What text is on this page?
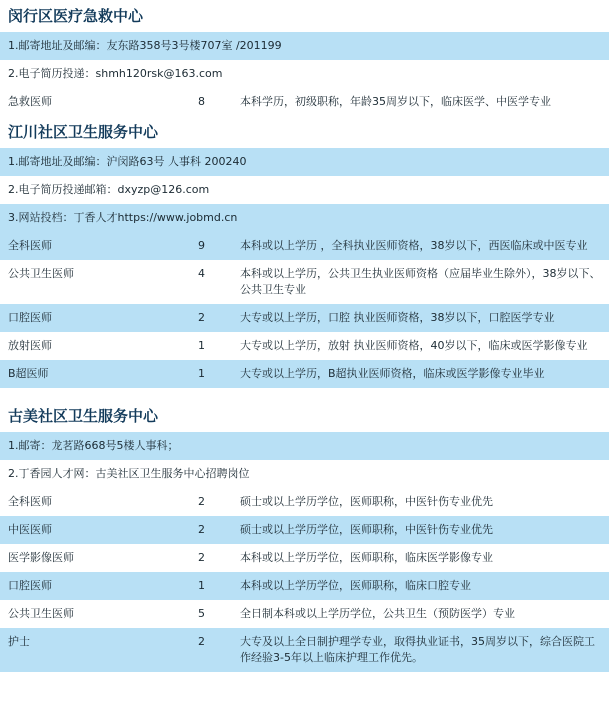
闵行区医疗急救中心
1.邮寄地址及邮编：友东路358号3号楼707室 /201199
2.电子简历投递：shmh120rsk@163.com
急救医师	8	本科学历，初级职称，年龄35周岁以下，临床医学、中医学专业
江川社区卫生服务中心
1.邮寄地址及邮编：沪闵路63号 人事科 200240
2.电子简历投递邮箱：dxyzp@126.com
3.网站投档：丁香人才https://www.jobmd.cn
全科医师	9	本科或以上学历 ，全科执业医师资格，38岁以下，西医临床或中医专业
公共卫生医师	4	本科或以上学历，公共卫生执业医师资格（应届毕业生除外），38岁以下、公共卫生专业
口腔医师	2	大专或以上学历，口腔 执业医师资格，38岁以下，口腔医学专业
放射医师	1	大专或以上学历，放射 执业医师资格，40岁以下，临床或医学影像专业
B超医师	1	大专或以上学历，B超执业医师资格，临床或医学影像专业毕业
古美社区卫生服务中心
1.邮寄：龙茗路668号5楼人事科；
2.丁香园人才网：古美社区卫生服务中心招聘岗位
全科医师	2	硕士或以上学历学位，医师职称，中医针伤专业优先
中医医师	2	硕士或以上学历学位，医师职称，中医针伤专业优先
医学影像医师	2	本科或以上学历学位，医师职称，临床医学影像专业
口腔医师	1	本科或以上学历学位，医师职称，临床口腔专业
公共卫生医师	5	全日制本科或以上学历学位，公共卫生（预防医学）专业
护士	2	大专及以上全日制护理学专业，取得执业证书，35周岁以下，综合医院工作经验3-5年以上临床护理工作优先。
